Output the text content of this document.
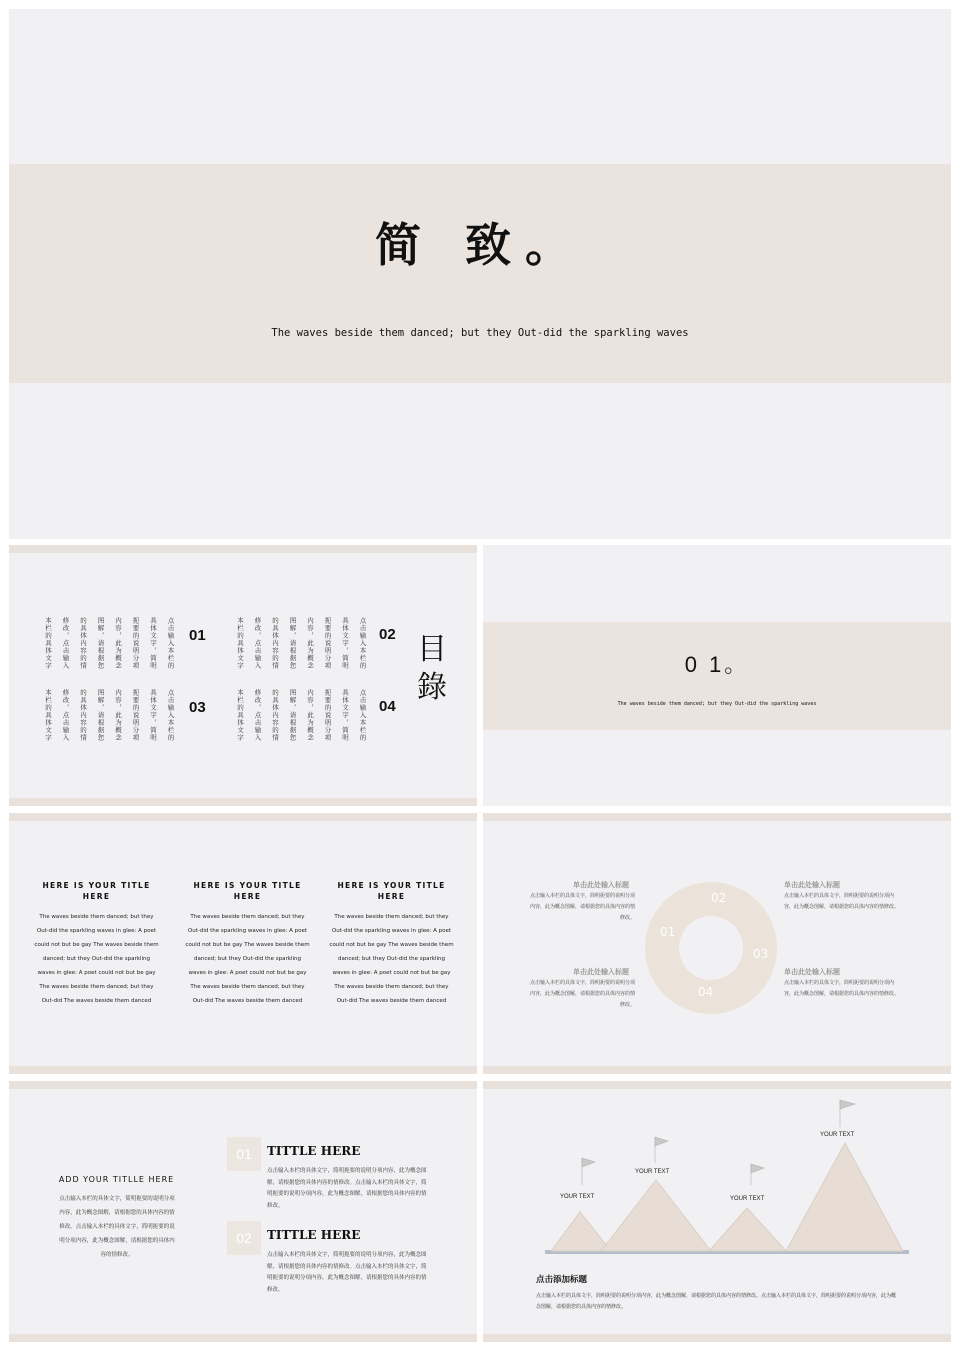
简 致。
The waves beside them danced; but they Out-did the sparkling waves
本栏的具体文字	修改，点击输入	的具体内容的情	图解，请根据您	内容，此为概念	扼要的说明分项	具体文字，简明	点击输入本栏的 01	本栏的具体文字	修改，点击输入	的具体内容的情	图解，请根据您	内容，此为概念	扼要的说明分项	具体文字，简明	点击输入本栏的 02
本栏的具体文字	修改，点击输入	的具体内容的情	图解，请根据您	内容，此为概念	扼要的说明分项	具体文字，简明	点击输入本栏的 03	本栏的具体文字	修改，点击输入	的具体内容的情	图解，请根据您	内容，此为概念	扼要的说明分项	具体文字，简明	点击输入本栏的 04
目
錄
0 1。
The waves beside them danced; but they Out-did the sparkling waves
HERE IS YOUR TITLE HERE
The waves beside them danced; but they Out-did the sparkling waves in glee: A poet could not but be gay The waves beside them danced; but they Out-did the sparkling waves in glee: A poet could not but be gay The waves beside them danced; but they Out-did The waves beside them danced
HERE IS YOUR TITLE HERE
The waves beside them danced; but they Out-did the sparkling waves in glee: A poet could not but be gay The waves beside them danced; but they Out-did the sparkling waves in glee: A poet could not but be gay The waves beside them danced; but they Out-did The waves beside them danced
HERE IS YOUR TITLE HERE
The waves beside them danced; but they Out-did the sparkling waves in glee: A poet could not but be gay The waves beside them danced; but they Out-did the sparkling waves in glee: A poet could not but be gay The waves beside them danced; but they Out-did The waves beside them danced
01
02
03
04
单击此处输入标题
点击输入本栏的具体文字，简明扼要的说明分项内容，此为概念图解，请根据您的具体内容的情修改。
单击此处输入标题
点击输入本栏的具体文字，简明扼要的说明分项内容，此为概念图解，请根据您的具体内容的情修改。
单击此处输入标题
点击输入本栏的具体文字，简明扼要的说明分项内容，此为概念图解，请根据您的具体内容的情修改。
单击此处输入标题
点击输入本栏的具体文字，简明扼要的说明分项内容，此为概念图解，请根据您的具体内容的情修改。
ADD YOUR TITLLE HERE
点击输入本栏的具体文字，简明扼要的说明分项内容，此为概念图解，请根据您的具体内容的情修改。点击输入本栏的具体文字，简明扼要的说明分项内容，此为概念图解，请根据您的具体内容的情修改。
01	TITTLE HERE
点击输入本栏的具体文字，简明扼要的说明分项内容，此为概念图解，请根据您的具体内容的情修改。点击输入本栏的具体文字，简明扼要的说明分项内容，此为概念图解，请根据您的具体内容的情修改。
02	TITTLE HERE
点击输入本栏的具体文字，简明扼要的说明分项内容，此为概念图解，请根据您的具体内容的情修改。点击输入本栏的具体文字，简明扼要的说明分项内容，此为概念图解，请根据您的具体内容的情修改。
YOUR TEXT
YOUR TEXT
YOUR TEXT
YOUR TEXT
点击添加标题
点击输入本栏的具体文字，简明扼要的说明分项内容，此为概念图解，请根据您的具体内容的情修改。点击输入本栏的具体文字，简明扼要的说明分项内容，此为概念图解，请根据您的具体内容的情修改。
